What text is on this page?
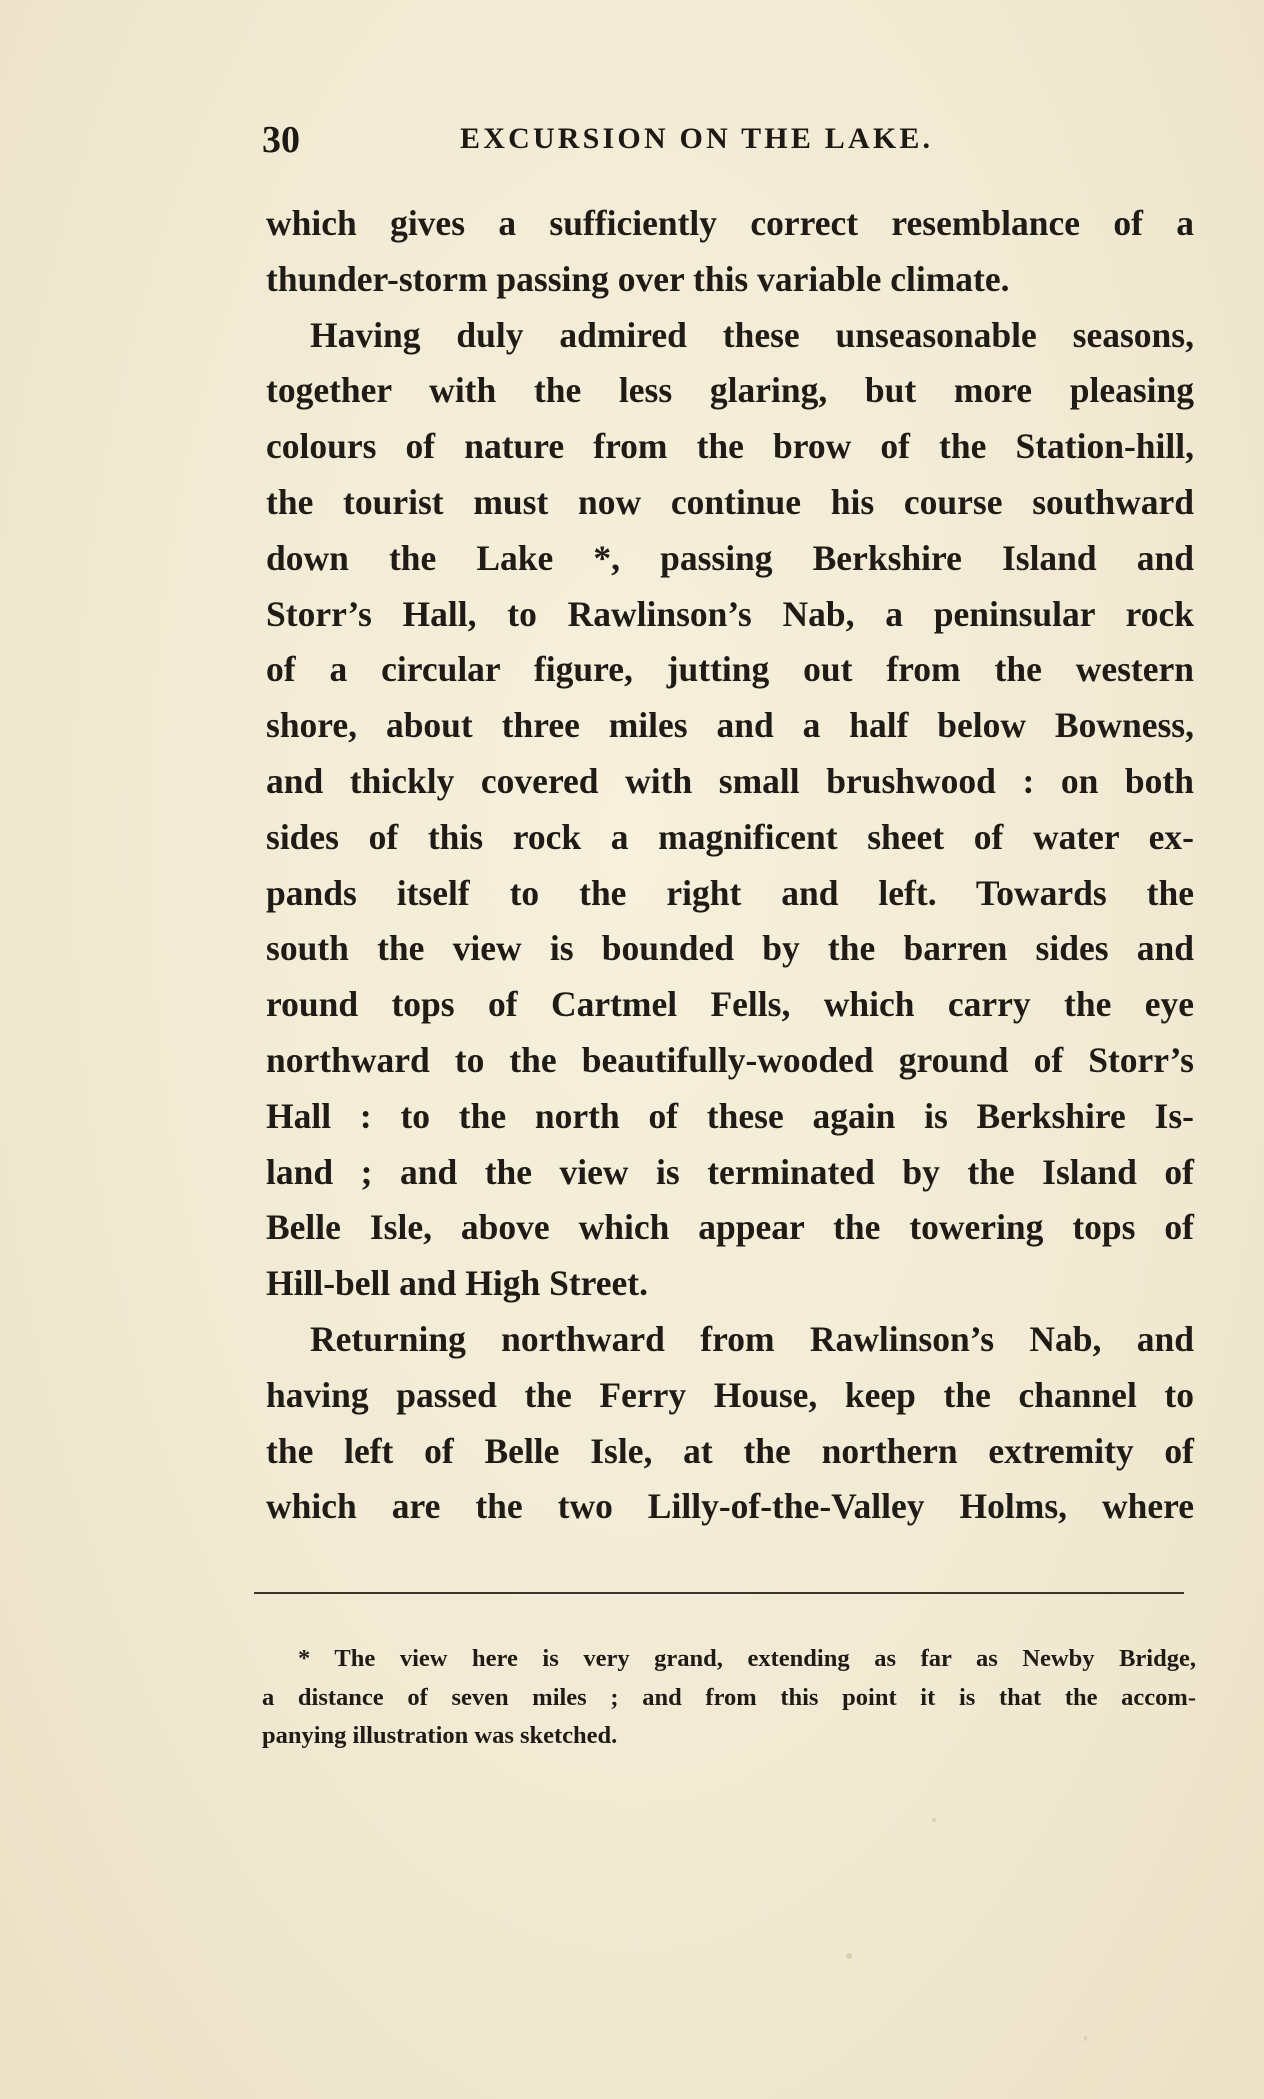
30	EXCURSION ON THE LAKE.
which gives a sufficiently correct resemblance of a
thunder-storm passing over this variable climate.
Having duly admired these unseasonable seasons,
together with the less glaring, but more pleasing
colours of nature from the brow of the Station-hill,
the tourist must now continue his course southward
down the Lake *, passing Berkshire Island and
Storr’s Hall, to Rawlinson’s Nab, a peninsular rock
of a circular figure, jutting out from the western
shore, about three miles and a half below Bowness,
and thickly covered with small brushwood : on both
sides of this rock a magnificent sheet of water ex-
pands itself to the right and left. Towards the
south the view is bounded by the barren sides and
round tops of Cartmel Fells, which carry the eye
northward to the beautifully-wooded ground of Storr’s
Hall : to the north of these again is Berkshire Is-
land ; and the view is terminated by the Island of
Belle Isle, above which appear the towering tops of
Hill-bell and High Street.
Returning northward from Rawlinson’s Nab, and
having passed the Ferry House, keep the channel to
the left of Belle Isle, at the northern extremity of
which are the two Lilly-of-the-Valley Holms, where
* The view here is very grand, extending as far as Newby Bridge,
a distance of seven miles ; and from this point it is that the accom-
panying illustration was sketched.
